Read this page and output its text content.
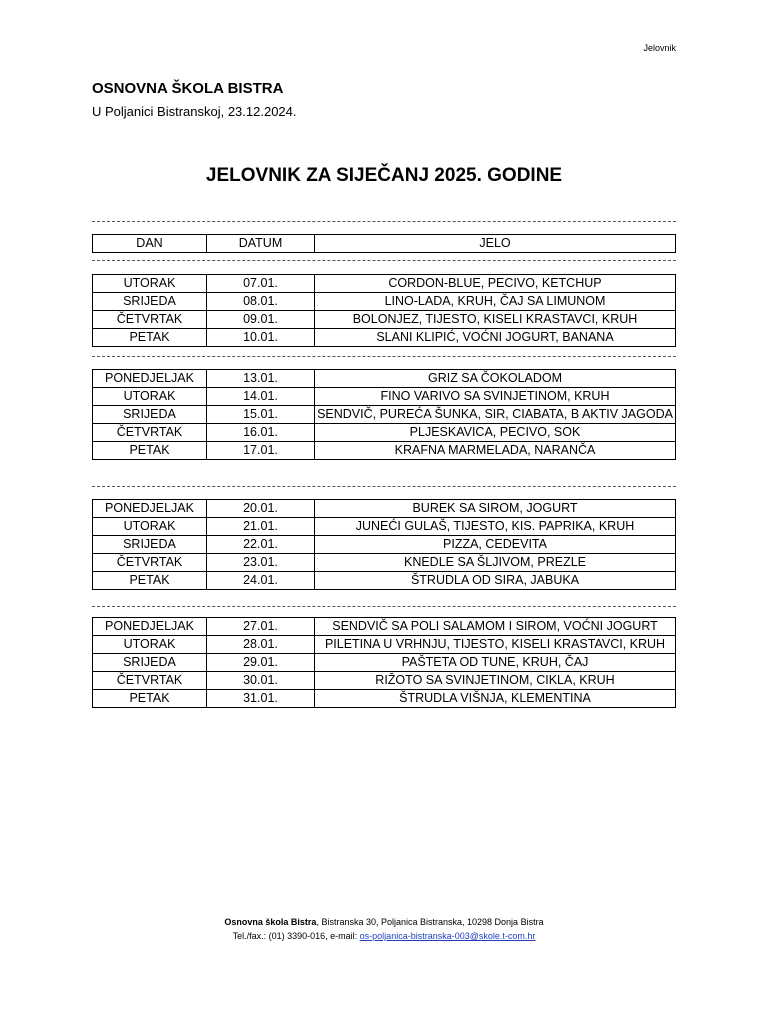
Jelovnik
OSNOVNA ŠKOLA BISTRA
U Poljanici Bistranskoj, 23.12.2024.
JELOVNIK ZA SIJEČANJ 2025. GODINE
DAN	DATUM	JELO
UTORAK	07.01.	CORDON-BLUE, PECIVO, KETCHUP
SRIJEDA	08.01.	LINO-LADA, KRUH, ČAJ SA LIMUNOM
ČETVRTAK	09.01.	BOLONJEZ, TIJESTO, KISELI KRASTAVCI, KRUH
PETAK	10.01.	SLANI KLIPIĆ, VOĆNI JOGURT, BANANA
PONEDJELJAK	13.01.	GRIZ SA ČOKOLADOM
UTORAK	14.01.	FINO VARIVO SA SVINJETINOM, KRUH
SRIJEDA	15.01.	SENDVIČ, PUREĆA ŠUNKA, SIR, CIABATA, B AKTIV JAGODA
ČETVRTAK	16.01.	PLJESKAVICA, PECIVO, SOK
PETAK	17.01.	KRAFNA MARMELADA, NARANČA
PONEDJELJAK	20.01.	BUREK SA SIROM, JOGURT
UTORAK	21.01.	JUNEĆI GULAŠ, TIJESTO, KIS. PAPRIKA, KRUH
SRIJEDA	22.01.	PIZZA, CEDEVITA
ČETVRTAK	23.01.	KNEDLE SA ŠLJIVOM, PREZLE
PETAK	24.01.	ŠTRUDLA OD SIRA, JABUKA
PONEDJELJAK	27.01.	SENDVIČ SA POLI SALAMOM I SIROM, VOĆNI JOGURT
UTORAK	28.01.	PILETINA U VRHNJU, TIJESTO, KISELI KRASTAVCI, KRUH
SRIJEDA	29.01.	PAŠTETA OD TUNE, KRUH, ČAJ
ČETVRTAK	30.01.	RIŽOTO SA SVINJETINOM, CIKLA, KRUH
PETAK	31.01.	ŠTRUDLA VIŠNJA, KLEMENTINA
Osnovna škola Bistra, Bistranska 30, Poljanica Bistranska, 10298 Donja Bistra
Tel./fax.: (01) 3390-016, e-mail: os-poljanica-bistranska-003@skole.t-com.hr
